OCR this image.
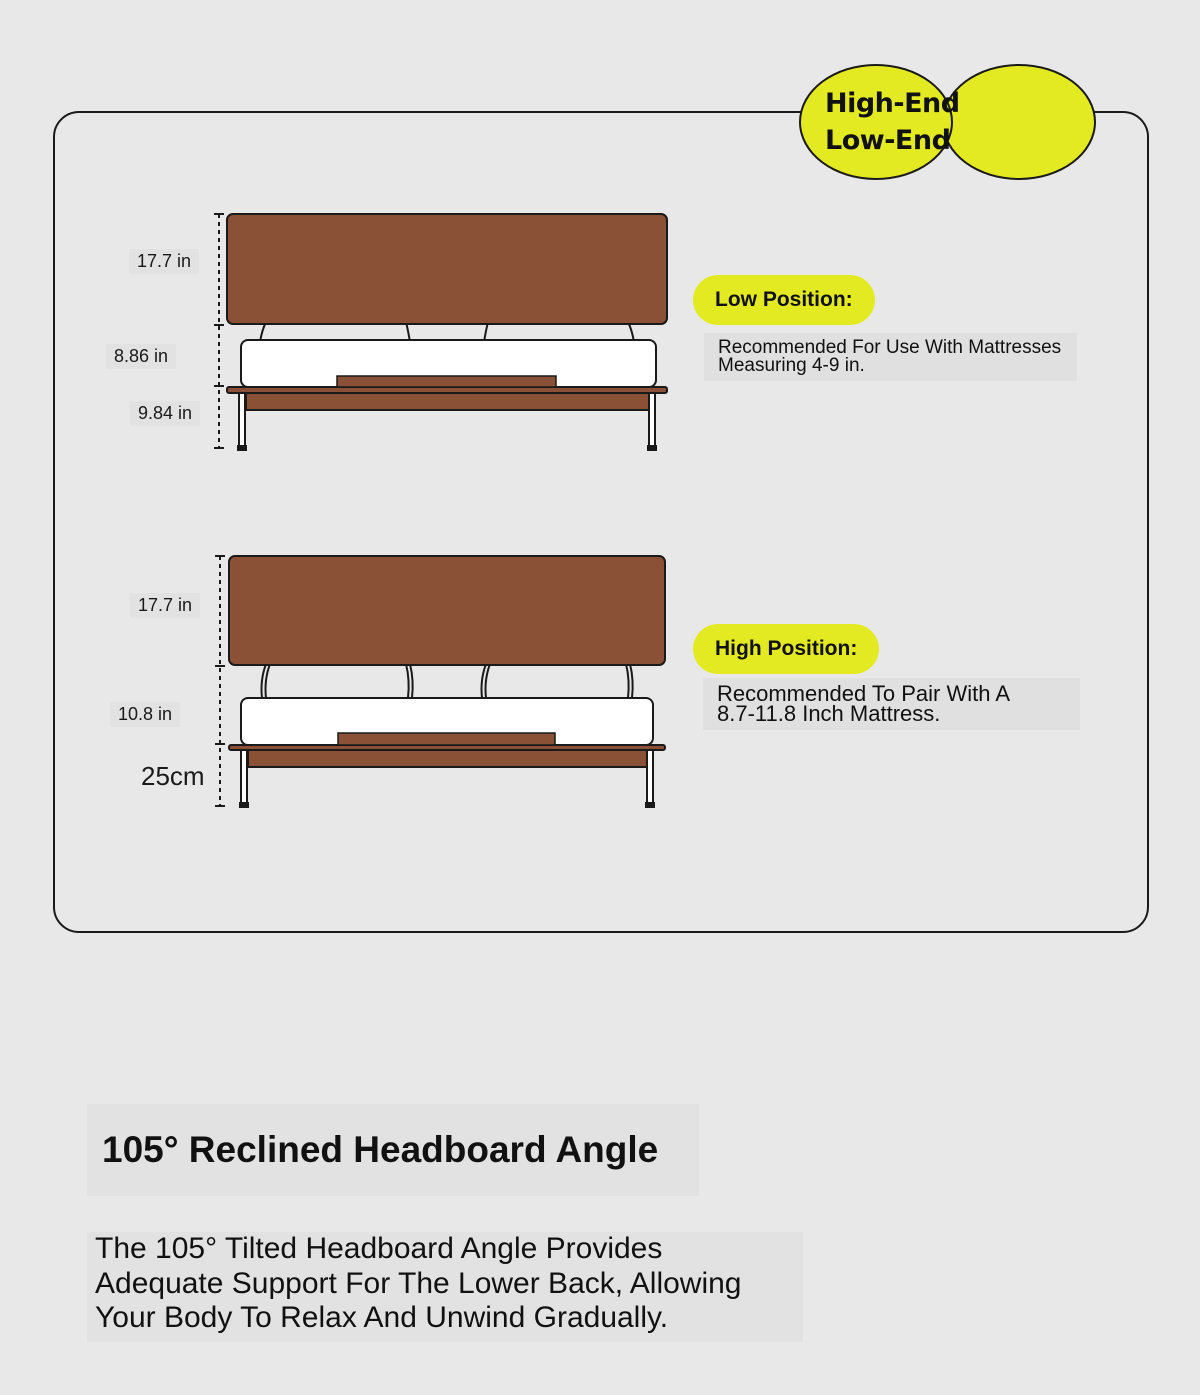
High-End
Low-End
17.7 in
8.86 in
9.84 in
Low Position:
Recommended For Use With Mattresses
Measuring 4-9 in.
17.7 in
10.8 in
25cm
High Position:
Recommended To Pair With A
8.7-11.8 Inch Mattress.
105° Reclined Headboard Angle
The 105° Tilted Headboard Angle Provides
Adequate Support For The Lower Back, Allowing
Your Body To Relax And Unwind Gradually.
